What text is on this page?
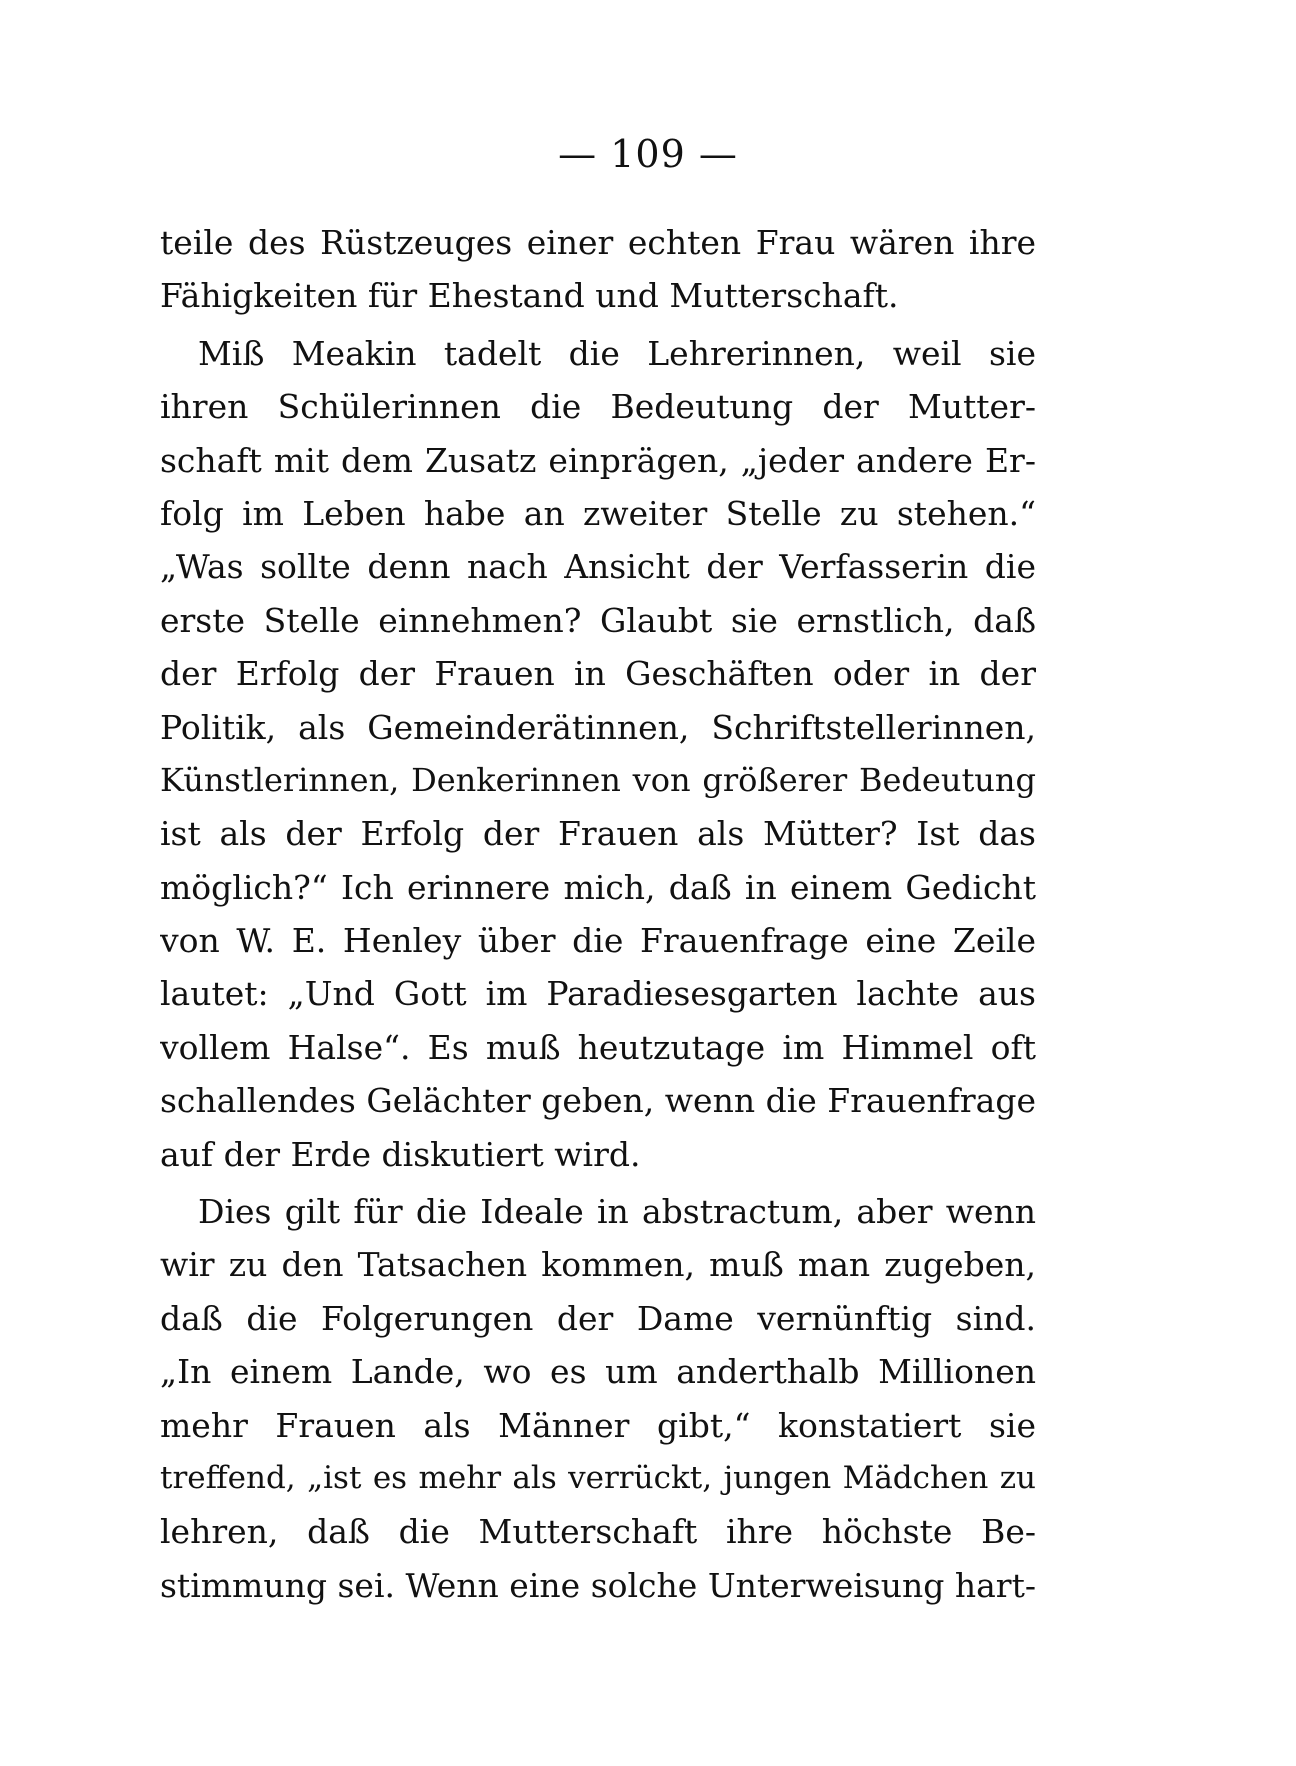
— 109 —
teile des Rüstzeuges einer echten Frau wären ihre
Fähigkeiten für Ehestand und Mutterschaft.
Miß Meakin tadelt die Lehrerinnen, weil sie
ihren Schülerinnen die Bedeutung der Mutter-
schaft mit dem Zusatz einprägen, „jeder andere Er-
folg im Leben habe an zweiter Stelle zu stehen.“
„Was sollte denn nach Ansicht der Verfasserin die
erste Stelle einnehmen? Glaubt sie ernstlich, daß
der Erfolg der Frauen in Geschäften oder in der
Politik, als Gemeinderätinnen, Schriftstellerinnen,
Künstlerinnen, Denkerinnen von größerer Bedeutung
ist als der Erfolg der Frauen als Mütter? Ist das
möglich?“ Ich erinnere mich, daß in einem Gedicht
von W. E. Henley über die Frauenfrage eine Zeile
lautet: „Und Gott im Paradiesesgarten lachte aus
vollem Halse“. Es muß heutzutage im Himmel oft
schallendes Gelächter geben, wenn die Frauenfrage
auf der Erde diskutiert wird.
Dies gilt für die Ideale in abstractum, aber wenn
wir zu den Tatsachen kommen, muß man zugeben,
daß die Folgerungen der Dame vernünftig sind.
„In einem Lande, wo es um anderthalb Millionen
mehr Frauen als Männer gibt,“ konstatiert sie
treffend, „ist es mehr als verrückt, jungen Mädchen zu
lehren, daß die Mutterschaft ihre höchste Be-
stimmung sei. Wenn eine solche Unterweisung hart-
